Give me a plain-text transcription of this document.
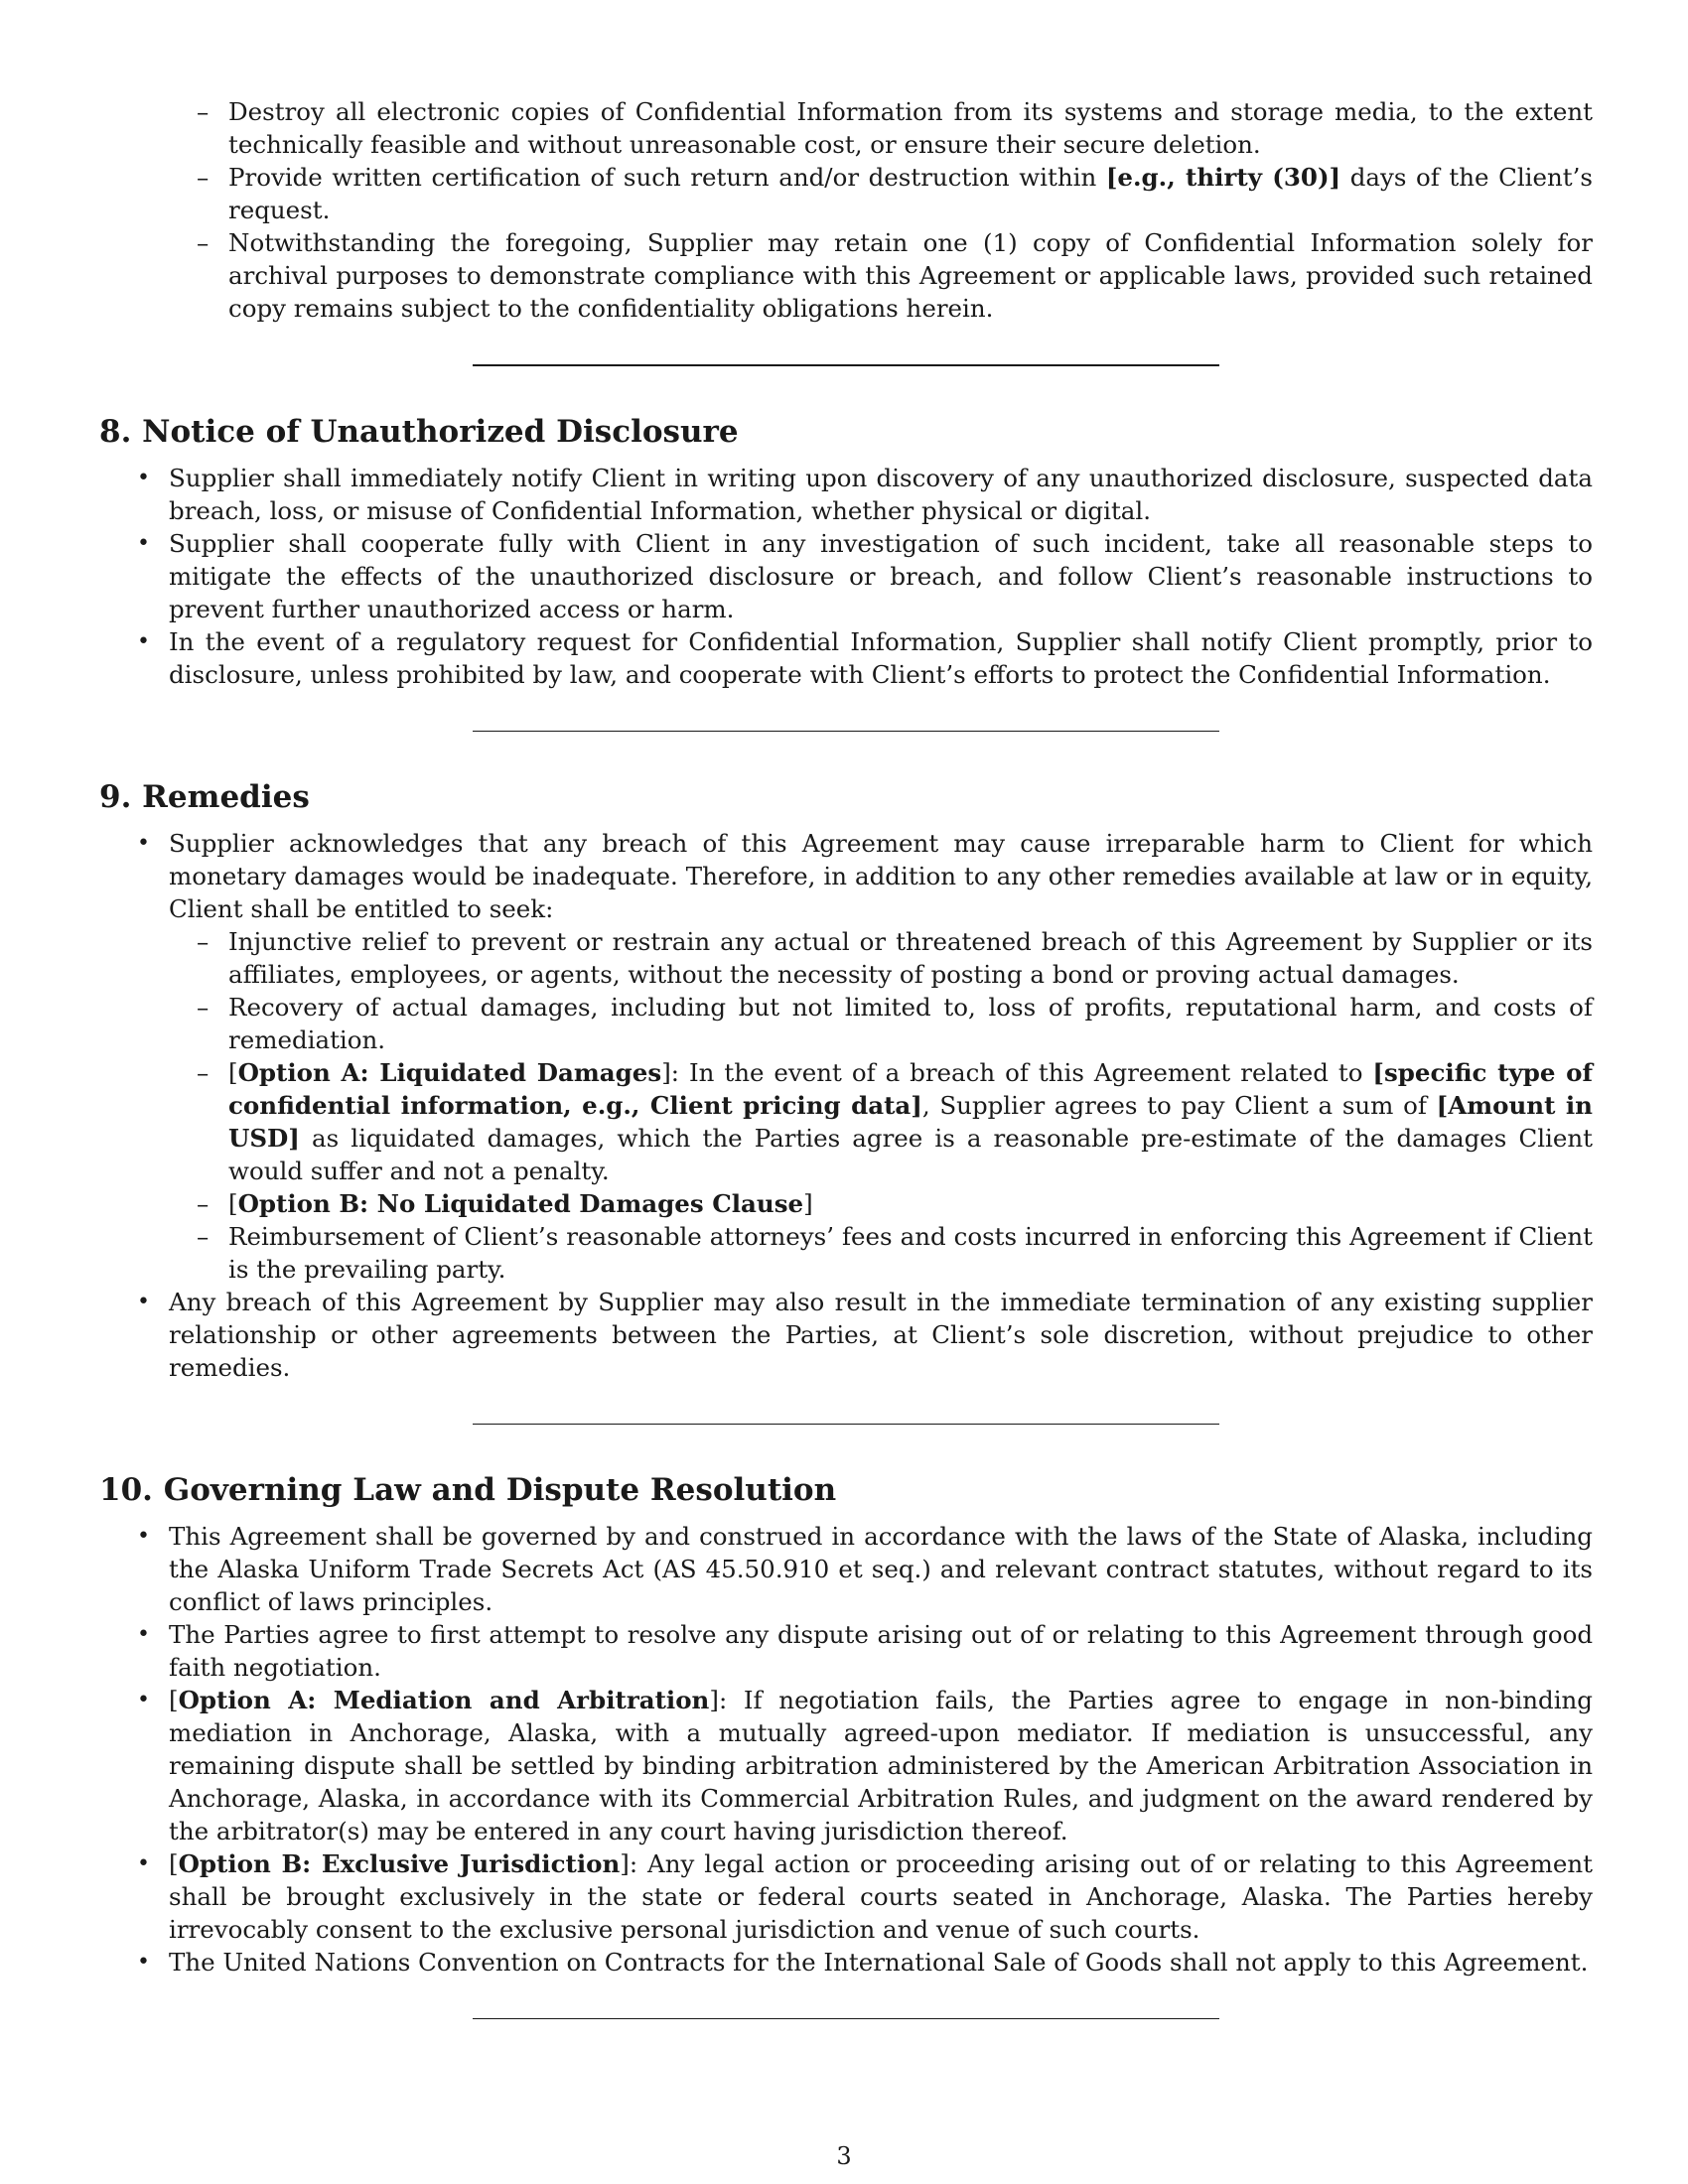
– Destroy all electronic copies of Confidential Information from its systems and storage media, to the extent technically feasible and without unreasonable cost, or ensure their secure deletion.
– Provide written certification of such return and/or destruction within [e.g., thirty (30)] days of the Client’s request.
– Notwithstanding the foregoing, Supplier may retain one (1) copy of Confidential Information solely for archival purposes to demonstrate compliance with this Agreement or applicable laws, provided such retained copy remains subject to the confidentiality obligations herein.
8. Notice of Unauthorized Disclosure
• Supplier shall immediately notify Client in writing upon discovery of any unauthorized disclosure, suspected data breach, loss, or misuse of Confidential Information, whether physical or digital.
• Supplier shall cooperate fully with Client in any investigation of such incident, take all reasonable steps to mitigate the effects of the unauthorized disclosure or breach, and follow Client’s reasonable instructions to prevent further unauthorized access or harm.
• In the event of a regulatory request for Confidential Information, Supplier shall notify Client promptly, prior to disclosure, unless prohibited by law, and cooperate with Client’s efforts to protect the Confidential Information.
9. Remedies
• Supplier acknowledges that any breach of this Agreement may cause irreparable harm to Client for which monetary damages would be inadequate. Therefore, in addition to any other remedies available at law or in equity, Client shall be entitled to seek:
– Injunctive relief to prevent or restrain any actual or threatened breach of this Agreement by Supplier or its affiliates, employees, or agents, without the necessity of posting a bond or proving actual damages.
– Recovery of actual damages, including but not limited to, loss of profits, reputational harm, and costs of remediation.
– [Option A: Liquidated Damages]: In the event of a breach of this Agreement related to [specific type of confidential information, e.g., Client pricing data], Supplier agrees to pay Client a sum of [Amount in USD] as liquidated damages, which the Parties agree is a reasonable pre-estimate of the damages Client would suffer and not a penalty.
– [Option B: No Liquidated Damages Clause]
– Reimbursement of Client’s reasonable attorneys’ fees and costs incurred in enforcing this Agreement if Client is the prevailing party.
• Any breach of this Agreement by Supplier may also result in the immediate termination of any existing supplier relationship or other agreements between the Parties, at Client’s sole discretion, without prejudice to other remedies.
10. Governing Law and Dispute Resolution
• This Agreement shall be governed by and construed in accordance with the laws of the State of Alaska, including the Alaska Uniform Trade Secrets Act (AS 45.50.910 et seq.) and relevant contract statutes, without regard to its conflict of laws principles.
• The Parties agree to first attempt to resolve any dispute arising out of or relating to this Agreement through good faith negotiation.
• [Option A: Mediation and Arbitration]: If negotiation fails, the Parties agree to engage in non-binding mediation in Anchorage, Alaska, with a mutually agreed-upon mediator. If mediation is unsuccessful, any remaining dispute shall be settled by binding arbitration administered by the American Arbitration Association in Anchorage, Alaska, in accordance with its Commercial Arbitration Rules, and judgment on the award rendered by the arbitrator(s) may be entered in any court having jurisdiction thereof.
• [Option B: Exclusive Jurisdiction]: Any legal action or proceeding arising out of or relating to this Agreement shall be brought exclusively in the state or federal courts seated in Anchorage, Alaska. The Parties hereby irrevocably consent to the exclusive personal jurisdiction and venue of such courts.
• The United Nations Convention on Contracts for the International Sale of Goods shall not apply to this Agreement.
3
